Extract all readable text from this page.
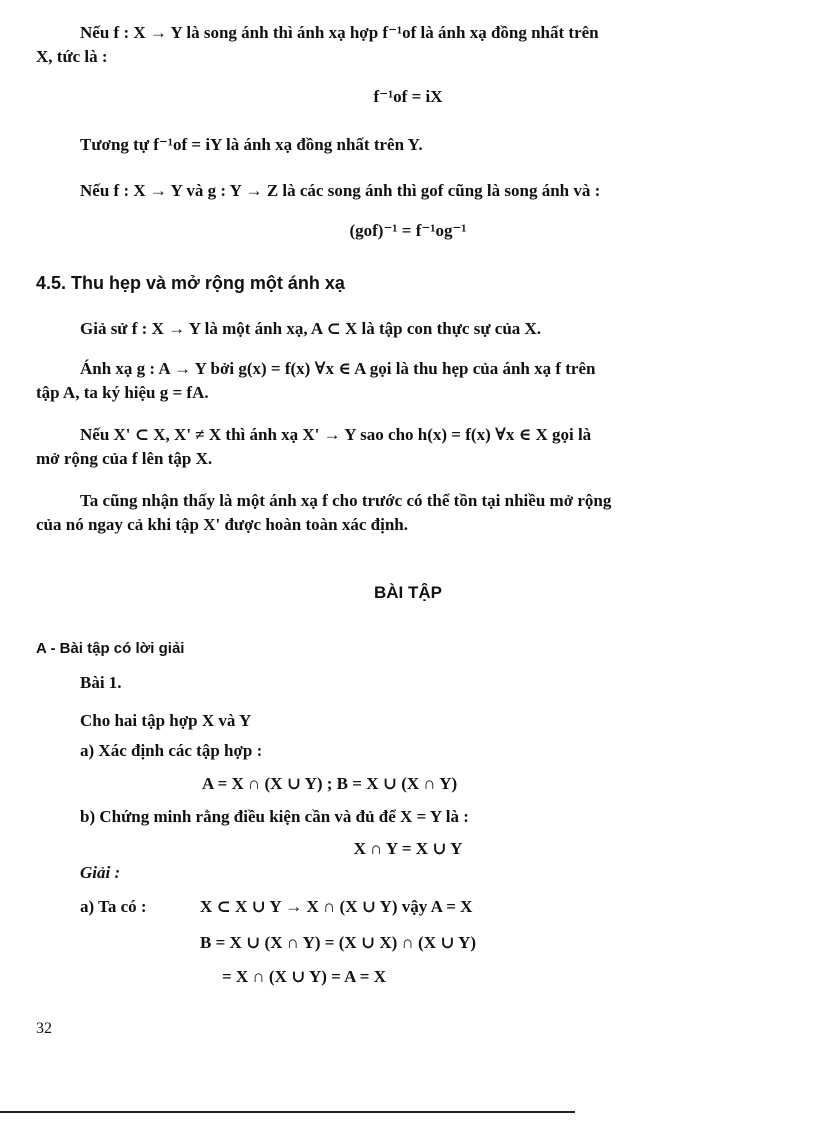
Nếu f : X → Y là song ánh thì ánh xạ hợp f⁻¹of là ánh xạ đồng nhất trên
X, tức là :
f⁻¹of = iX
Tương tự f⁻¹of = iY là ánh xạ đồng nhất trên Y.
Nếu f : X → Y và g : Y → Z là các song ánh thì gof cũng là song ánh và :
(gof)⁻¹ = f⁻¹og⁻¹
4.5. Thu hẹp và mở rộng một ánh xạ
Giả sử f : X → Y là một ánh xạ, A ⊂ X là tập con thực sự của X.
Ánh xạ g : A → Y bởi g(x) = f(x) ∀x ∈ A gọi là thu hẹp của ánh xạ f trên
tập A, ta ký hiệu g = fA.
Nếu X' ⊂ X, X' ≠ X thì ánh xạ X' → Y sao cho h(x) = f(x) ∀x ∈ X gọi là
mở rộng của f lên tập X.
Ta cũng nhận thấy là một ánh xạ f cho trước có thể tồn tại nhiều mở rộng
của nó ngay cả khi tập X' được hoàn toàn xác định.
BÀI TẬP
A - Bài tập có lời giải
Bài 1.
Cho hai tập hợp X và Y
a) Xác định các tập hợp :
A = X ∩ (X ∪ Y) ; B = X ∪ (X ∩ Y)
b) Chứng minh rằng điều kiện cần và đủ để X = Y là :
X ∩ Y = X ∪ Y
Giải :
a) Ta có :	X ⊂ X ∪ Y → X ∩ (X ∪ Y) vậy A = X
B = X ∪ (X ∩ Y) = (X ∪ X) ∩ (X ∪ Y)
= X ∩ (X ∪ Y) = A = X
32
